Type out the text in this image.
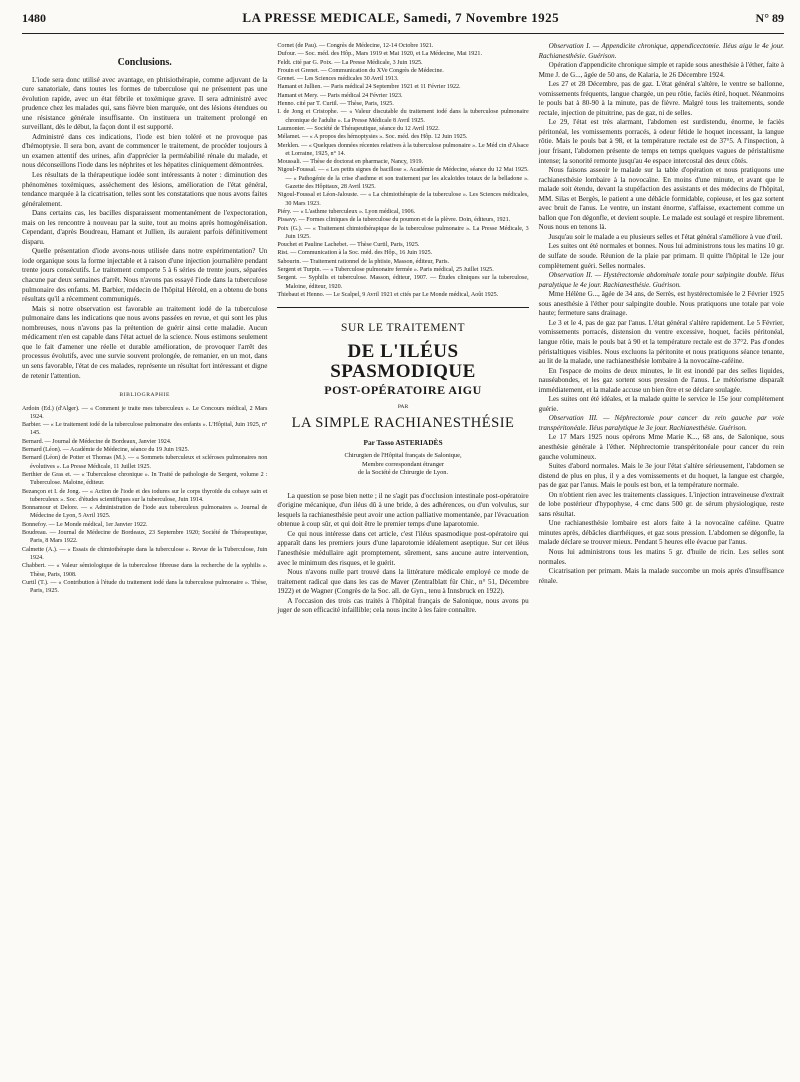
1480	LA PRESSE MEDICALE, Samedi, 7 Novembre 1925	N° 89
Conclusions.

L'iode sera donc utilisé avec avantage, en phtisiothérapie, comme adjuvant de la cure sanatoriale, dans toutes les formes de tuberculose qui ne présentent pas une évolution rapide, avec un état fébrile et toxémique grave. Il sera administré avec prudence chez les malades qui, sans fièvre bien marquée, ont des lésions étendues ou une résistance générale insuffisante. On instituera un traitement prolongé en surveillant, dès le début, la façon dont il est supporté.

Administré dans ces indications, l'iode est bien toléré et ne provoque pas d'hémoptysie. Il sera bon, avant de commencer le traitement, de procéder toujours à un examen attentif des urines, afin d'apprécier la perméabilité rénale du malade, et nous déconseillons l'iode dans les néphrites et les hépatites cliniquement démontrées.

Les résultats de la thérapeutique iodée sont intéressants à noter : diminution des phénomènes toxémiques, assèchement des lésions, amélioration de l'état général, tendance marquée à la cicatrisation, telles sont les constatations que nous avons faites généralement.

Dans certains cas, les bacilles disparaissent momentanément de l'expectoration, mais on les rencontre à nouveau par la suite, tout au moins après homogénéisation. Cependant, d'après Boudreau, Hamant et Jullien, ils auraient parfois définitivement disparu.

Quelle présentation d'iode avons-nous utilisée dans notre expérimentation? Un iode organique sous la forme injectable et à raison d'une injection journalière pendant trente jours consécutifs. Le traitement comporte 5 à 6 séries de trente jours, séparées chacune par deux semaines d'arrêt. Nous n'avons pas essayé l'iode dans la tuberculose pulmonaire des enfants. M. Barbier, médecin de l'hôpital Hérold, en a obtenu de bons résultats qu'il a récemment communiqués.

Mais si notre observation est favorable au traitement iodé de la tuberculose pulmonaire dans les indications que nous avons passées en revue, et qui sont les plus nombreuses, nous n'avons pas la prétention de guérir ainsi cette maladie. Aucun médicament n'en est capable dans l'état actuel de la science. Nous estimons seulement que le fait d'amener une réelle et durable amélioration, de provoquer l'arrêt des processus évolutifs, avec une survie souvent prolongée, de remanier, en un mot, dans un sens favorable, l'état de ces malades, représente un résultat fort intéressant et digne de retenir l'attention.

BIBLIOGRAPHIE

Ardoin (Ed.) (d'Alger). — « Comment je traite mes tuberculeux ». Le Concours médical, 2 Mars 1924.

Barbier. — « Le traitement iodé de la tuberculose pulmonaire des enfants ». L'Hôpital, Juin 1925, n° 145.

Bernard. — Journal de Médecine de Bordeaux, Janvier 1924.

Bernard (Léon). — Académie de Médecine, séance du 19 Juin 1925.

Bernard (Léon) de Potter et Thomas (M.). — « Sommets tuberculeux et scléroses pulmonaires non évolutives ». La Presse Médicale, 11 Juillet 1925.

Berthier de Gras et. — « Tuberculose chronique ». In Traité de pathologie de Sergent, volume 2 : Tuberculose. Maloine, éditeur.

Bezançon et I. de Jong. — « Action de l'iode et des iodures sur le corps thyroïde du cobaye sain et tuberculeux ». Soc. d'études scientifiques sur la tuberculose, Juin 1914.

Bonnamour et Delore. — « Administration de l'iode aux tuberculeux pulmonaires ». Journal de Médecine de Lyon, 5 Avril 1925.

Bonnefoy. — Le Monde médical, 1er Janvier 1922.

Boudreau. — Journal de Médecine de Bordeaux, 23 Septembre 1920; Société de Thérapeutique, Paris, 8 Mars 1922.

Calmette (A.). — « Essais de chimiothérapie dans la tuberculose ». Revue de la Tuberculose, Juin 1924.

Chabbert. — « Valeur sémiologique de la tuberculose fibreuse dans la recherche de la syphilis ». Thèse, Paris, 1908.

Curtil (T.). — « Contribution à l'étude du traitement iodé dans la tuberculose pulmonaire ». Thèse, Paris, 1925.

Cornet (de Pau). — Congrès de Médecine, 12-14 Octobre 1921.

Dufour. — Soc. méd. des Hôp., Mars 1919 et Mai 1920, et La Médecine, Mai 1921.

Feldt. cité par G. Poix. — La Presse Médicale, 3 Juin 1925.

Frouin et Grenet. — Communication du XVe Congrès de Médecine.

Grenet. — Les Sciences médicales 30 Avril 1913.

Hamant et Jullien. — Paris médical 24 Septembre 1921 et 11 Février 1922.

Hamant et Mery. — Paris médical 24 Février 1923.

Henno. cité par T. Curtil. — Thèse, Paris, 1925.

I. de Jong et Cristophe. — « Valeur discutable du traitement iodé dans la tuberculose pulmonaire chronique de l'adulte ». La Presse Médicale 8 Avril 1925.

Laumonier. — Société de Thérapeutique, séance du 12 Avril 1922.

Mélamet. — « A propos des hémoptysies ». Soc. méd. des Hôp. 12 Juin 1925.

Merklen. — « Quelques données récentes relatives à la tuberculose pulmonaire ». Le Méd cin d'Alsace et Lorraine, 1925, n° 14.

Moussali. — Thèse de doctorat en pharmacie, Nancy, 1919.

Nigoul-Foussal. — « Les petits signes de bacillose ». Académie de Médecine, séance du 12 Mai 1925. — « Pathogénie de la crise d'asthme et son traitement par les alcaloïdes totaux de la belladone ». Gazette des Hôpitaux, 28 Avril 1925.

Nigoul-Foussal et Léon-Jalouste. — « La chimiothérapie de la tuberculose ». Les Sciences médicales, 30 Mars 1923.

Piéry. — « L'asthme tuberculeux ». Lyon médical, 1906.

Pissavy. — Formes cliniques de la tuberculose du poumon et de la plèvre. Doin, éditeurs, 1921.

Poix (G.). — « Traitement chimiothérapique de la tuberculose pulmonaire ». La Presse Médicale, 3 Juin 1925.

Pouchet et Pauline Lachebet. — Thèse Curtil, Paris, 1925.

Rist. — Communication à la Soc. méd. des Hôp., 16 Juin 1925.

Sabourin. — Traitement rationnel de la phtisie, Masson, éditeur, Paris.

Sergent et Turpin. — « Tuberculose pulmonaire fermée ». Paris médical, 25 Juillet 1925.

Sergent. — Syphilis et tuberculose. Masson, éditeur, 1907. — Études cliniques sur la tuberculose, Maloine, éditeur, 1920.

Thiebaut et Henno. — Le Scalpel, 9 Avril 1921 et cités par Le Monde médical, Août 1925.

SUR LE TRAITEMENT
DE L'ILÉUS SPASMODIQUE
POST-OPÉRATOIRE AIGU
PAR
LA SIMPLE RACHIANESTHÉSIE
Par Tasso ASTERIADÈS
Chirurgien de l'Hôpital français de Salonique,
Membre correspondant étranger
de la Société de Chirurgie de Lyon.

La question se pose bien nette ; il ne s'agit pas d'occlusion intestinale post-opératoire d'origine mécanique, d'un iléus dû à une bride, à des adhérences, ou d'un volvulus, sur lesquels la rachianesthésie peut avoir une action palliative momentanée, par l'évacuation obtenue à coup sûr, et qui doit être le premier temps d'une laparotomie.

Ce qui nous intéresse dans cet article, c'est l'iléus spasmodique post-opératoire qui apparaît dans les premiers jours d'une laparotomie idéalement aseptique. Sur cet iléus l'anesthésie médullaire agit promptement, sûrement, sans aucune autre intervention, avec le minimum des risques, et le guérit.

Nous n'avons nulle part trouvé dans la littérature médicale employé ce mode de traitement radical que dans les cas de Maver (Zentralblatt für Chir., n° 51, Décembre 1922) et de Wagner (Congrès de la Soc. all. de Gyn., tenu à Innsbruck en 1922).

A l'occasion des trois cas traités à l'hôpital français de Salonique, nous avons pu juger de son efficacité infaillible; cela nous incite à les faire connaître.

Observation I. — Appendicite chronique, appendicectomie. Iléus aigu le 4e jour. Rachianesthésie. Guérison.

Opération d'appendicite chronique simple et rapide sous anesthésie à l'éther, faite à Mme J. de G..., âgée de 50 ans, de Kalaria, le 26 Décembre 1924.

Les 27 et 28 Décembre, pas de gaz. L'état général s'altère, le ventre se ballonne, vomissements fréquents, langue chargée, un peu rôtie, faciès étiré, hoquet. Néanmoins le pouls bat à 80-90 à la minute, pas de fièvre. Malgré tous les traitements, sonde rectale, injection de pituitrine, pas de gaz, ni de selles.

Le 29, l'état est très alarmant, l'abdomen est surdistendu, énorme, le faciès péritonéal, les vomissements porracés, à odeur fétide le hoquet incessant, la langue rôtie. Mais le pouls bat à 98, et la température rectale est de 37°5. A l'inspection, à jour frisant, l'abdomen présente de temps en temps quelques vagues de péristaltisme intense; la sonorité remonte jusqu'au 4e espace intercostal des deux côtés.

Nous faisons asseoir le malade sur la table d'opération et nous pratiquons une rachianesthésie lombaire à la novocaïne. En moins d'une minute, et avant que le malade soit étendu, devant la stupéfaction des assistants et des médecins de l'hôpital, MM. Silas et Bergès, le patient a une débâcle formidable, copieuse, et les gaz sortent avec bruit de l'anus. Le ventre, un instant énorme, s'affaisse, exactement comme un ballon que l'on dégonfle, et devient souple. Le malade est soulagé et respire librement. Nous nous en tenons là.

Jusqu'au soir le malade a eu plusieurs selles et l'état général s'améliore à vue d'œil.

Les suites ont été normales et bonnes. Nous lui administrons tous les matins 10 gr. de sulfate de soude. Réunion de la plaie par primam. Il quitte l'hôpital le 12e jour complètement guéri. Selles normales.

Observation II. — Hystérectomie abdominale totale pour salpingite double. Iléus paralytique le 4e jour. Rachianesthésie. Guérison.

Mme Hélène G..., âgée de 34 ans, de Serrès, est hystérectomisée le 2 Février 1925 sous anesthésie à l'éther pour salpingite double. Nous pratiquons une totale par voie haute; fermeture sans drainage.

Le 3 et le 4, pas de gaz par l'anus. L'état général s'altère rapidement. Le 5 Février, vomissements porracés, distension du ventre excessive, hoquet, faciès péritonéal, langue rôtie, mais le pouls bat à 90 et la température rectale est de 37°2. Pas d'ondes péristaltiques visibles. Nous excluons la péritonite et nous pratiquons séance tenante, au lit de la malade, une rachianesthésie lombaire à la novocaïne-caféine.

En l'espace de moins de deux minutes, le lit est inondé par des selles liquides, nauséabondes, et les gaz sortent sous pression de l'anus. Le météorisme disparaît immédiatement, et la malade accuse un bien être et se déclare soulagée.

Les suites ont été idéales, et la malade quitte le service le 15e jour complètement guérie.

Observation III. — Néphrectomie pour cancer du rein gauche par voie transpéritonéale. Iléus paralytique le 3e jour. Rachianesthésie. Guérison.

Le 17 Mars 1925 nous opérons Mme Marie K..., 68 ans, de Salonique, sous anesthésie générale à l'éther. Néphrectomie transpéritonéale pour cancer du rein gauche volumineux.

Suites d'abord normales. Mais le 3e jour l'état s'altère sérieusement, l'abdomen se distend de plus en plus, il y a des vomissements et du hoquet, la langue est chargée, pas de gaz par l'anus. Mais le pouls est bon, et la température normale.

On n'obtient rien avec les traitements classiques. L'injection intraveineuse d'extrait de lobe postérieur d'hypophyse, 4 cmc dans 500 gr. de sérum physiologique, reste sans résultat.

Une rachianesthésie lombaire est alors faite à la novocaïne caféine. Quatre minutes après, débâcles diarrhéiques, et gaz sous pression. L'abdomen se dégonfle, la malade déclare se trouver mieux. Pendant 5 heures elle évacue par l'anus.

Nous lui administrons tous les matins 5 gr. d'huile de ricin. Les selles sont normales.

Cicatrisation per primam. Mais la malade succombe un mois après d'insuffisance rénale.
